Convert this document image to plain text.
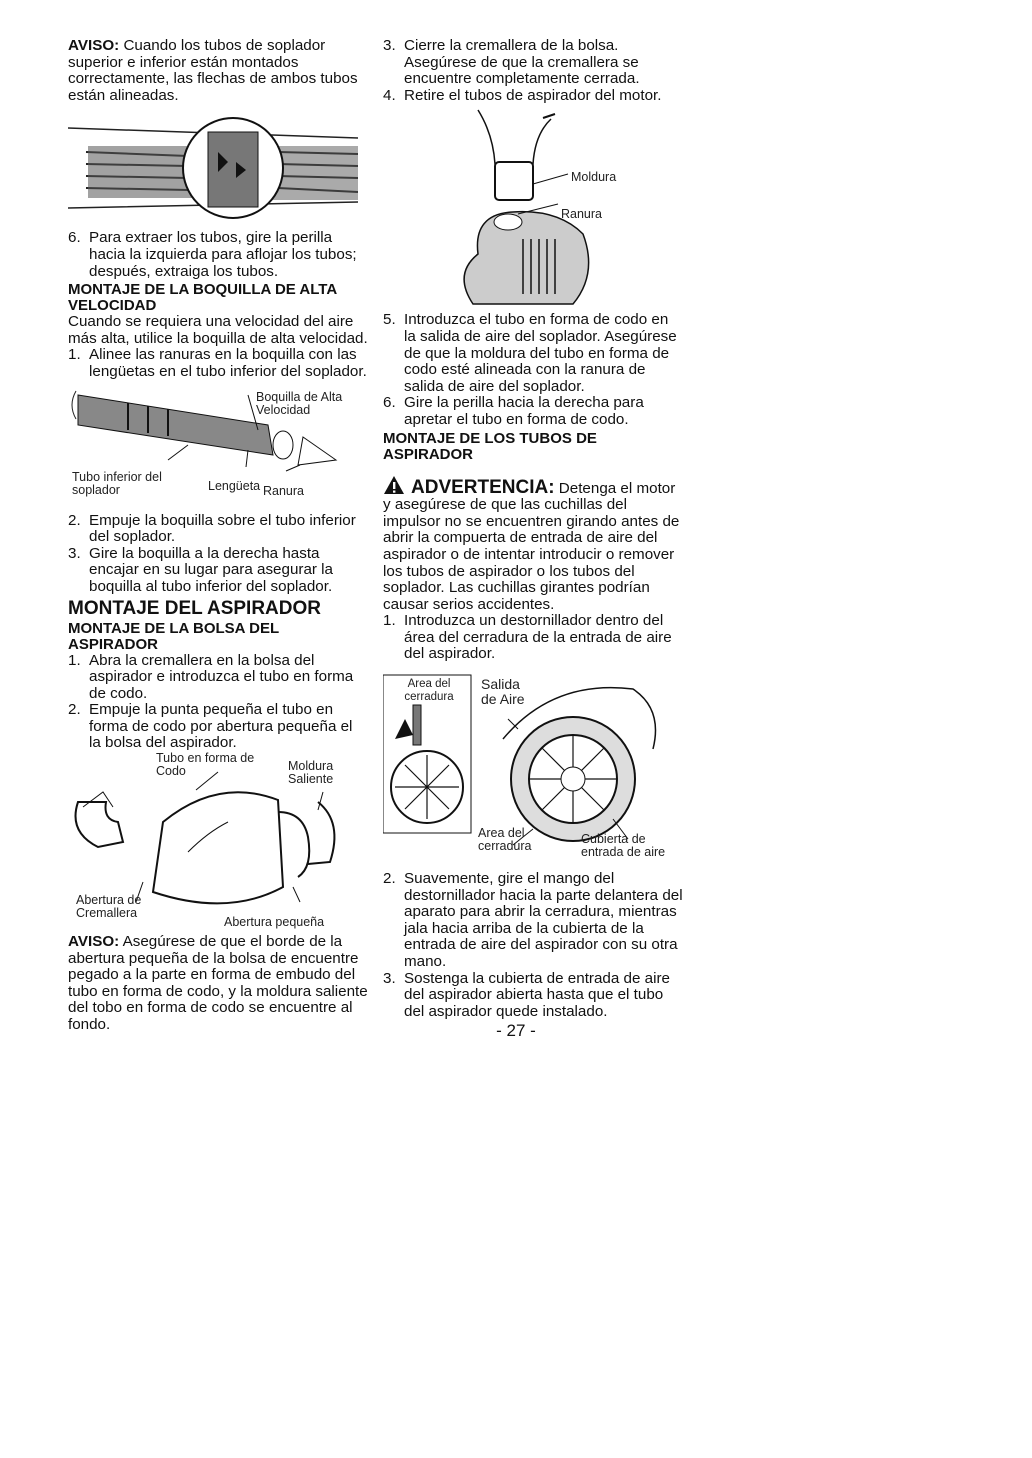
AVISO: Cuando los tubos de soplador superior e inferior están montados correctamente, las flechas de ambos tubos están alineadas.

6. Para extraer los tubos, gire la perilla hacia la izquierda para aflojar los tubos; después, extraiga los tubos.

MONTAJE DE LA BOQUILLA DE ALTA VELOCIDAD

Cuando se requiera una velocidad del aire más alta, utilice la boquilla de alta velocidad.

1. Alinee las ranuras en la boquilla con las lengüetas en el tubo inferior del soplador.
Boquilla de Alta Velocidad
Tubo inferior del soplador	Lengüeta Ranura
2. Empuje la boquilla sobre el tubo inferior del soplador.
3. Gire la boquilla a la derecha hasta encajar en su lugar para asegurar la boquilla al tubo inferior del soplador.

MONTAJE DEL ASPIRADOR

MONTAJE DE LA BOLSA DEL ASPIRADOR

1. Abra la cremallera en la bolsa del aspirador e introduzca el tubo en forma de codo.
2. Empuje la punta pequeña el tubo en forma de codo por abertura pequeña el la bolsa del aspirador.
Tubo en forma de Codo	Moldura Saliente
Abertura de Cremallera
Abertura pequeña

AVISO: Asegúrese de que el borde de la abertura pequeña de la bolsa de encuentre pegado a la parte en forma de embudo del tubo en forma de codo, y la moldura saliente del tobo en forma de codo se encuentre al fondo.

3. Cierre la cremallera de la bolsa. Asegúrese de que la cremallera se encuentre completamente cerrada.
4. Retire el tubos de aspirador del motor.
Moldura
Ranura
5. Introduzca el tubo en forma de codo en la salida de aire del soplador. Asegúrese de que la moldura del tubo en forma de codo esté alineada con la ranura de salida de aire del soplador.
6. Gire la perilla hacia la derecha para apretar el tubo en forma de codo.

MONTAJE DE LOS TUBOS DE ASPIRADOR

ADVERTENCIA: Detenga el motor y asegúrese de que las cuchillas del impulsor no se encuentren girando antes de abrir la compuerta de entrada de aire del aspirador o de intentar introducir o remover los tubos de aspirador o los tubos del soplador. Las cuchillas girantes podrían causar serios accidentes.

1. Introduzca un destornillador dentro del área del cerradura de la entrada de aire del aspirador.
Area del cerradura
Salida de Aire
Area del cerradura	Cubierta de entrada de aire
2. Suavemente, gire el mango del destornillador hacia la parte delantera del aparato para abrir la cerradura, mientras jala hacia arriba de la cubierta de la entrada de aire del aspirador con su otra mano.
3. Sostenga la cubierta de entrada de aire del aspirador abierta hasta que el tubo del aspirador quede instalado.
- 27 -
